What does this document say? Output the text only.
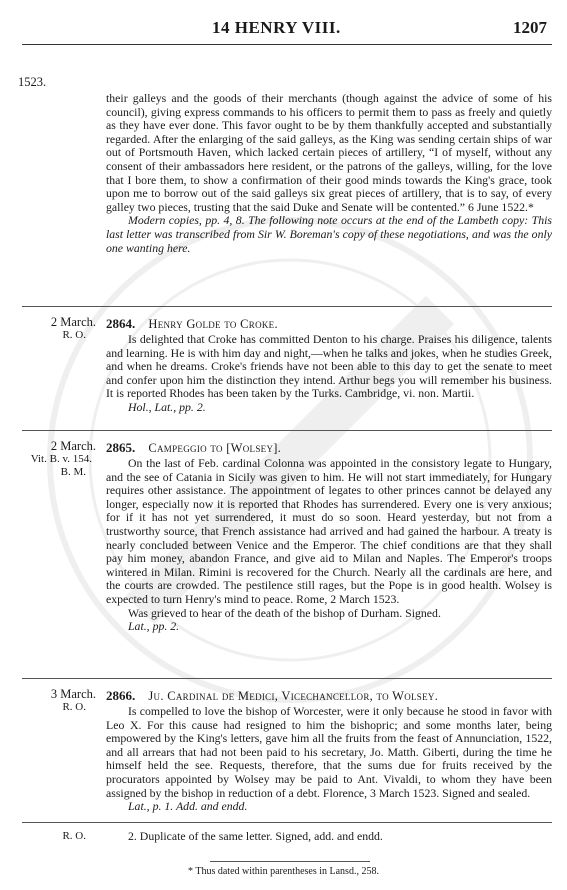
14 HENRY VIII.	1207
1523.

their galleys and the goods of their merchants (though against the advice of some of his council), giving express commands to his officers to permit them to pass as freely and quietly as they have ever done. This favor ought to be by them thankfully accepted and substantially regarded. After the enlarging of the said galleys, as the King was sending certain ships of war out of Portsmouth Haven, which lacked certain pieces of artillery, “I of myself, without any consent of their ambassadors here resident, or the patrons of the galleys, willing, for the love that I bore them, to show a confirmation of their good minds towards the King's grace, took upon me to borrow out of the said galleys six great pieces of artillery, that is to say, of every galley two pieces, trusting that the said Duke and Senate will be contented.” 6 June 1522.*

Modern copies, pp. 4, 8. The following note occurs at the end of the Lambeth copy: This last letter was transcribed from Sir W. Boreman's copy of these negotiations, and was the only one wanting here.

2 March.
R. O.
2864. Henry Golde to Croke.

Is delighted that Croke has committed Denton to his charge. Praises his diligence, talents and learning. He is with him day and night,—when he talks and jokes, when he studies Greek, and when he dreams. Croke's friends have not been able to this day to get the senate to meet and confer upon him the distinction they intend. Arthur begs you will remember his business. It is reported Rhodes has been taken by the Turks. Cambridge, vi. non. Martii.

Hol., Lat., pp. 2.

2 March.
Vit. B. v. 154.
B. M.
2865. Campeggio to [Wolsey].

On the last of Feb. cardinal Colonna was appointed in the consistory legate to Hungary, and the see of Catania in Sicily was given to him. He will not start immediately, for Hungary requires other assistance. The appointment of legates to other princes cannot be delayed any longer, especially now it is reported that Rhodes has surrendered. Every one is very anxious; for if it has not yet surrendered, it must do so soon. Heard yesterday, but not from a trustworthy source, that French assistance had arrived and had gained the harbour. A treaty is nearly concluded between Venice and the Emperor. The chief conditions are that they shall pay him money, abandon France, and give aid to Milan and Naples. The Emperor's troops wintered in Milan. Rimini is recovered for the Church. Nearly all the cardinals are here, and the courts are crowded. The pestilence still rages, but the Pope is in good health. Wolsey is expected to turn Henry's mind to peace. Rome, 2 March 1523.

Was grieved to hear of the death of the bishop of Durham. Signed.

Lat., pp. 2.

3 March.
R. O.
2866. Ju. Cardinal de Medici, Vicechancellor, to Wolsey.

Is compelled to love the bishop of Worcester, were it only because he stood in favor with Leo X. For this cause had resigned to him the bishopric; and some months later, being empowered by the King's letters, gave him all the fruits from the feast of Annunciation, 1522, and all arrears that had not been paid to his secretary, Jo. Matth. Giberti, during the time he himself held the see. Requests, therefore, that the sums due for fruits received by the procurators appointed by Wolsey may be paid to Ant. Vivaldi, to whom they have been assigned by the bishop in reduction of a debt. Florence, 3 March 1523. Signed and sealed.

Lat., p. 1. Add. and endd.

R. O.	2. Duplicate of the same letter. Signed, add. and endd.

* Thus dated within parentheses in Lansd., 258.
